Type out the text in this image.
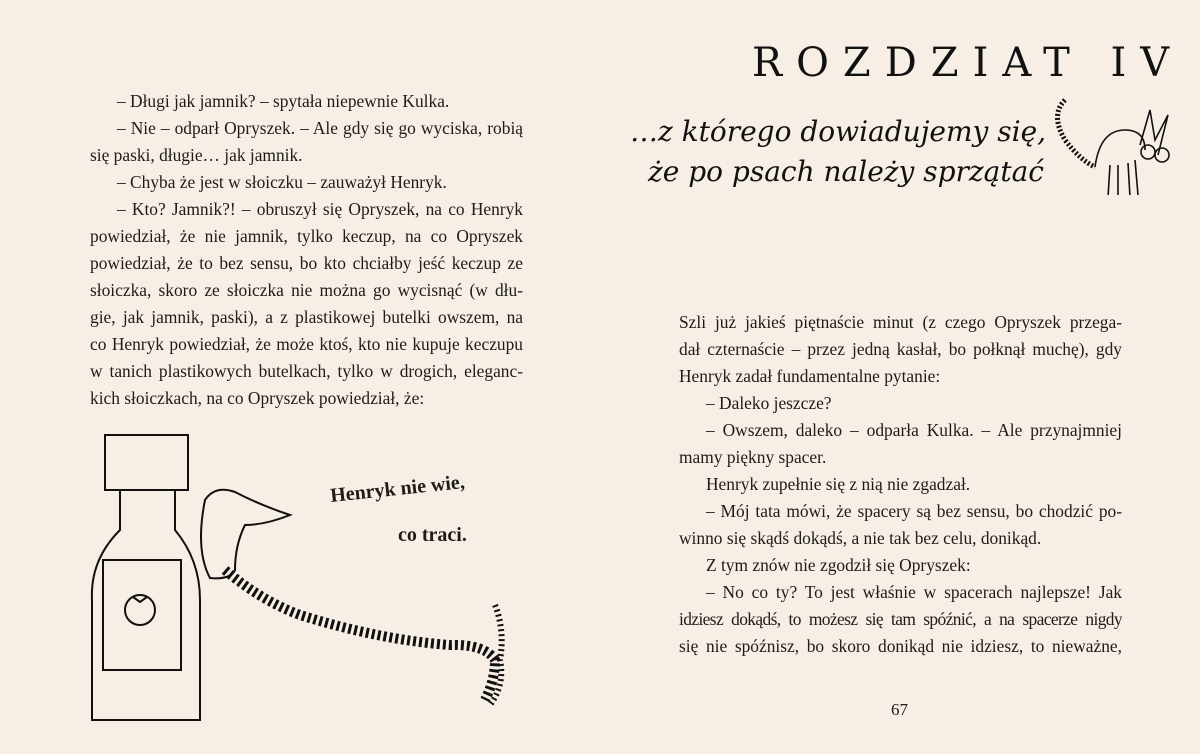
– Długi jak jamnik? – spytała niepewnie Kulka.
– Nie – odparł Opryszek. – Ale gdy się go wyciska, robią
się paski, długie… jak jamnik.
– Chyba że jest w słoiczku – zauważył Henryk.
– Kto? Jamnik?! – obruszył się Opryszek, na co Henryk
powiedział, że nie jamnik, tylko keczup, na co Opryszek
powiedział, że to bez sensu, bo kto chciałby jeść keczup ze
słoiczka, skoro ze słoiczka nie można go wycisnąć (w dłu-
gie, jak jamnik, paski), a z plastikowej butelki owszem, na
co Henryk powiedział, że może ktoś, kto nie kupuje keczupu
w tanich plastikowych butelkach, tylko w drogich, eleganc-
kich słoiczkach, na co Opryszek powiedział, że:
Henryk nie wie,
co traci.
ROZDZIAT IV
…z którego dowiadujemy się,
że po psach należy sprzątać
Szli już jakieś piętnaście minut (z czego Opryszek przega-
dał czternaście – przez jedną kasłał, bo połknął muchę), gdy
Henryk zadał fundamentalne pytanie:
– Daleko jeszcze?
– Owszem, daleko – odparła Kulka. – Ale przynajmniej
mamy piękny spacer.
Henryk zupełnie się z nią nie zgadzał.
– Mój tata mówi, że spacery są bez sensu, bo chodzić po-
winno się skądś dokądś, a nie tak bez celu, donikąd.
Z tym znów nie zgodził się Opryszek:
– No co ty? To jest właśnie w spacerach najlepsze! Jak
idziesz dokądś, to możesz się tam spóźnić, a na spacerze nigdy
się nie spóźnisz, bo skoro donikąd nie idziesz, to nieważne,
67
